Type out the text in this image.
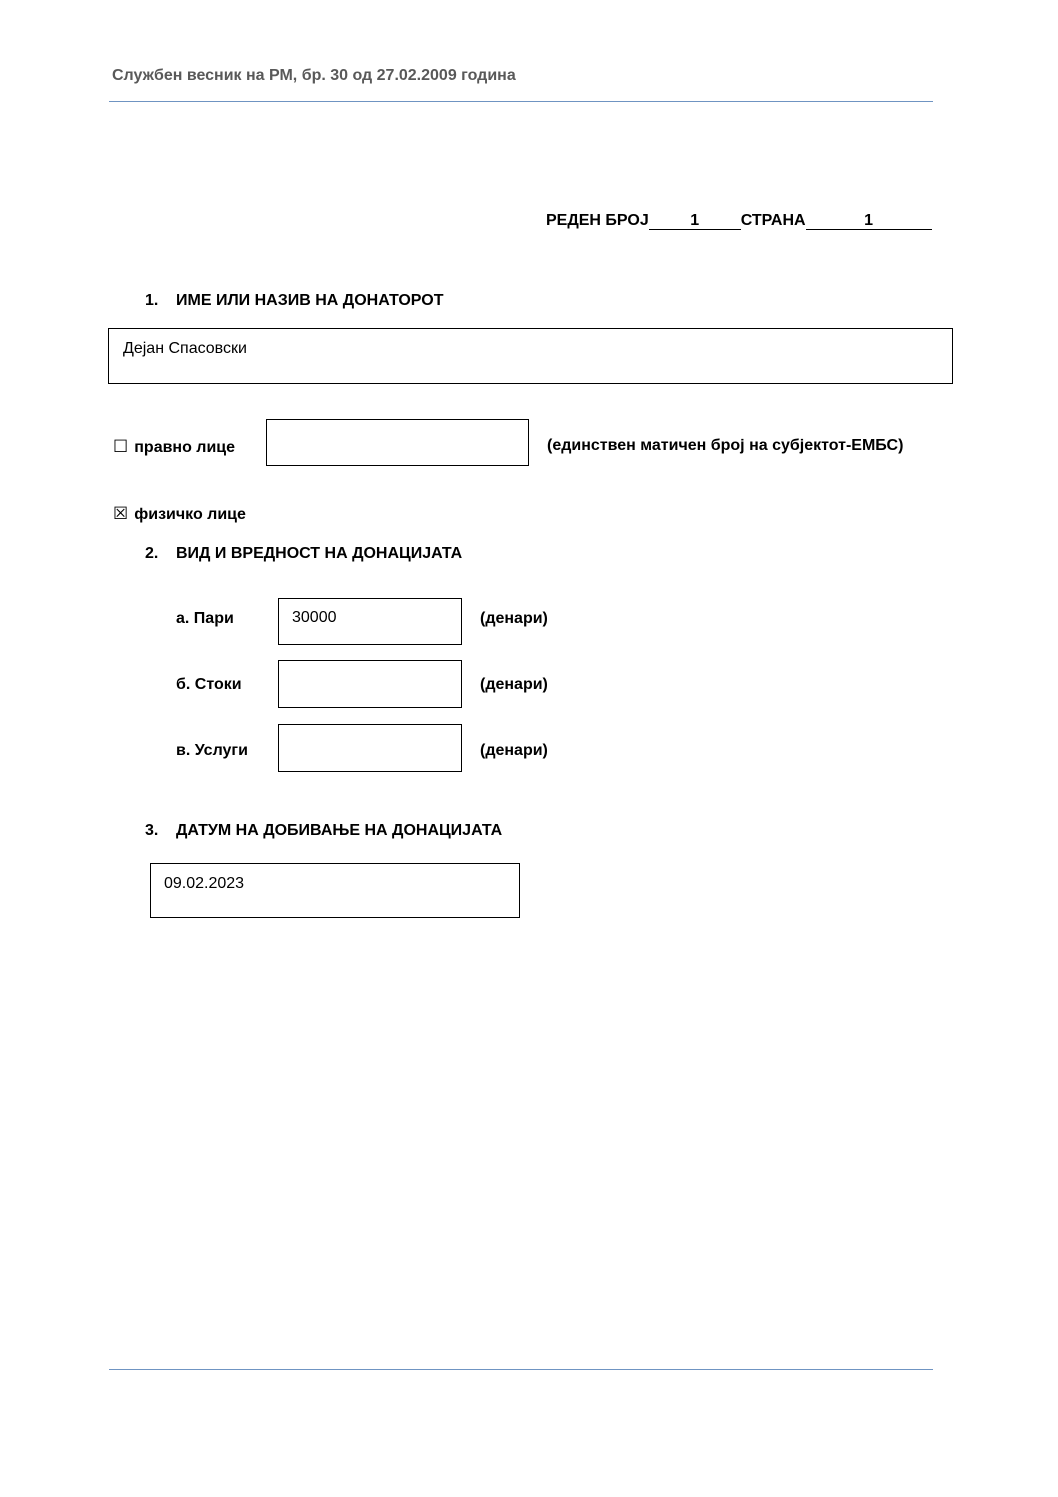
Службен весник на РМ, бр. 30 од 27.02.2009 година
РЕДЕН БРОЈ	1	СТРАНА	1
1. ИМЕ ИЛИ НАЗИВ НА ДОНАТОРОТ
Дејан Спасовски
☐ правно лице	(единствен матичен број на субјектот-ЕМБС)
☒ физичко лице
2. ВИД И ВРЕДНОСТ НА ДОНАЦИЈАТА
а. Пари	30000	(денари)
б. Стоки	(денари)
в. Услуги	(денари)
3. ДАТУМ НА ДОБИВАЊЕ НА ДОНАЦИЈАТА
09.02.2023
